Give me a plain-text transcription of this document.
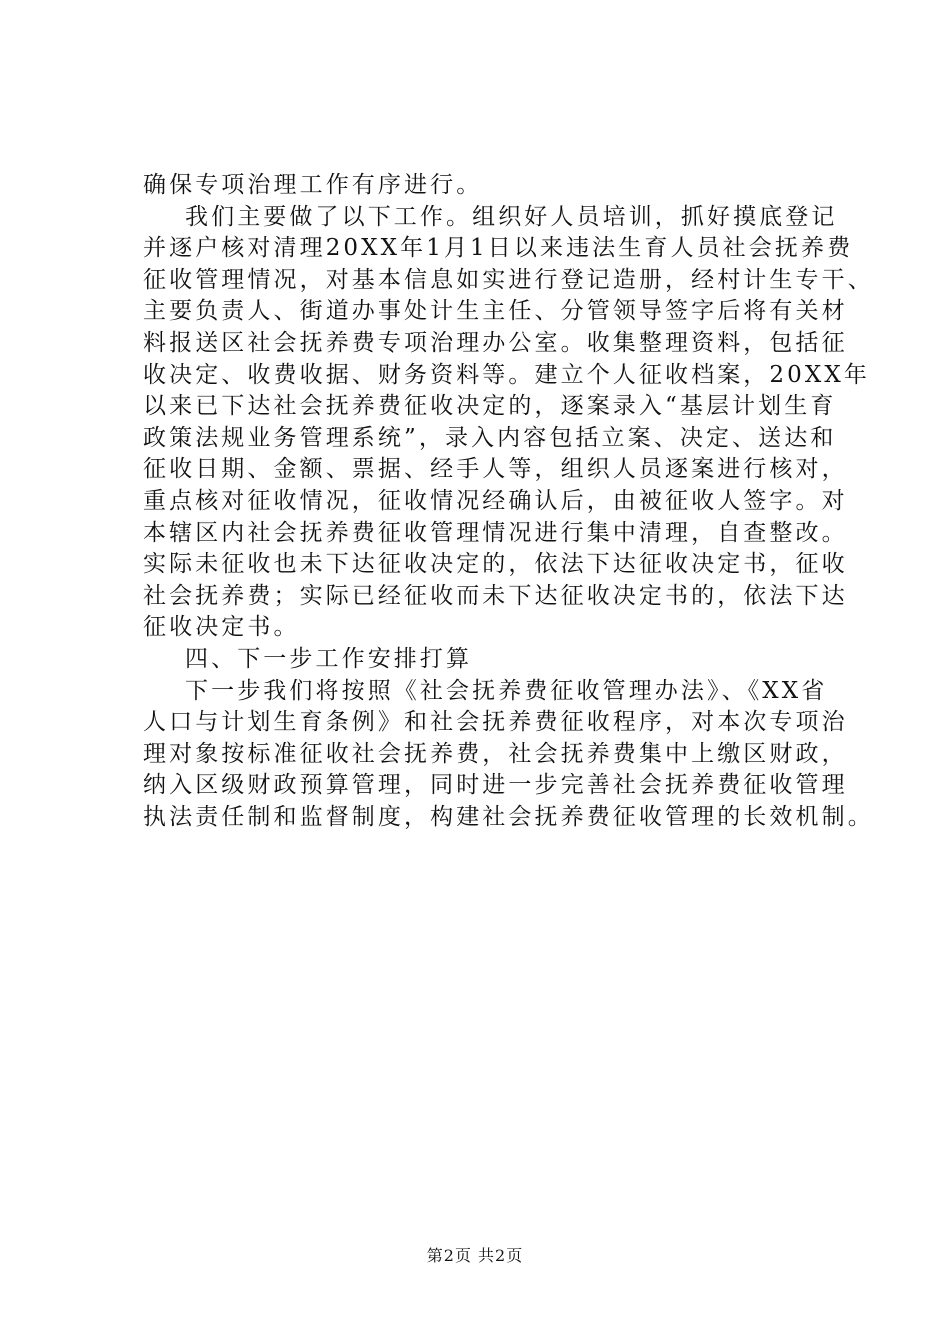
确保专项治理工作有序进行。
我们主要做了以下工作。组织好人员培训，抓好摸底登记
并逐户核对清理20XX年1月1日以来违法生育人员社会抚养费
征收管理情况，对基本信息如实进行登记造册，经村计生专干、
主要负责人、街道办事处计生主任、分管领导签字后将有关材
料报送区社会抚养费专项治理办公室。收集整理资料，包括征
收决定、收费收据、财务资料等。建立个人征收档案，20XX年
以来已下达社会抚养费征收决定的，逐案录入“基层计划生育
政策法规业务管理系统”，录入内容包括立案、决定、送达和
征收日期、金额、票据、经手人等，组织人员逐案进行核对，
重点核对征收情况，征收情况经确认后，由被征收人签字。对
本辖区内社会抚养费征收管理情况进行集中清理，自查整改。
实际未征收也未下达征收决定的，依法下达征收决定书，征收
社会抚养费；实际已经征收而未下达征收决定书的，依法下达
征收决定书。
四、下一步工作安排打算
下一步我们将按照《社会抚养费征收管理办法》、《XX省
人口与计划生育条例》和社会抚养费征收程序，对本次专项治
理对象按标准征收社会抚养费，社会抚养费集中上缴区财政，
纳入区级财政预算管理，同时进一步完善社会抚养费征收管理
执法责任制和监督制度，构建社会抚养费征收管理的长效机制。
第2页 共2页
